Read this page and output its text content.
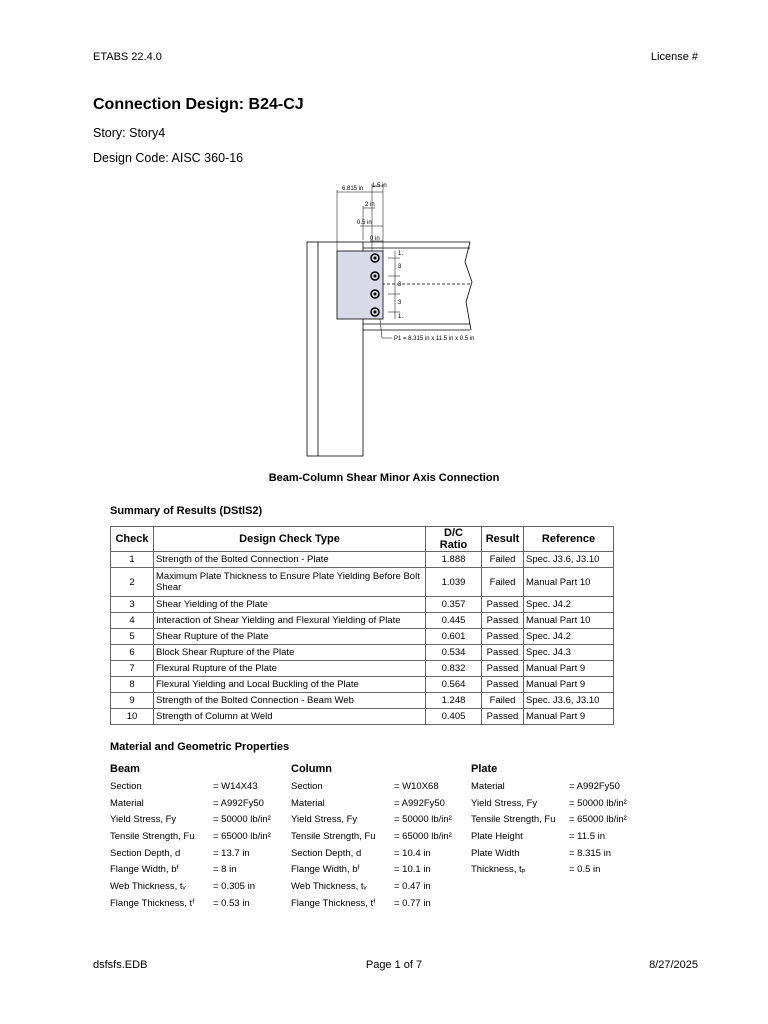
ETABS 22.4.0	License #
Connection Design: B24-CJ
Story: Story4
Design Code: AISC 360-16
6.815 in 1.5 in
2 in
0.5 in
0 in
3
3
3
1.
1.
P1 = 8.315 in x 11.5 in x 0.5 in
Beam-Column Shear Minor Axis Connection
Summary of Results (DStlS2)
Check	Design Check Type	D/C Ratio	Result	Reference
1	Strength of the Bolted Connection - Plate	1.888	Failed	Spec. J3.6, J3.10
2	Maximum Plate Thickness to Ensure Plate Yielding Before Bolt Shear	1.039	Failed	Manual Part 10
3	Shear Yielding of the Plate	0.357	Passed	Spec. J4.2
4	Interaction of Shear Yielding and Flexural Yielding of Plate	0.445	Passed	Manual Part 10
5	Shear Rupture of the Plate	0.601	Passed	Spec. J4.2
6	Block Shear Rupture of the Plate	0.534	Passed	Spec. J4.3
7	Flexural Rupture of the Plate	0.832	Passed	Manual Part 9
8	Flexural Yielding and Local Buckling of the Plate	0.564	Passed	Manual Part 9
9	Strength of the Bolted Connection - Beam Web	1.248	Failed	Spec. J3.6, J3.10
10	Strength of Column at Weld	0.405	Passed	Manual Part 9
Material and Geometric Properties
Beam
Section	= W14X43
Material	= A992Fy50
Yield Stress, Fy	= 50000 lb/in²
Tensile Strength, Fu = 65000 lb/in²
Section Depth, d	= 13.7 in
Flange Width, bᶠ	= 8 in
Web Thickness, tᵥ	= 0.305 in
Flange Thickness, tᶠ = 0.53 in
Column
Section	= W10X68
Material	= A992Fy50
Yield Stress, Fy	= 50000 lb/in²
Tensile Strength, Fu = 65000 lb/in²
Section Depth, d	= 10.4 in
Flange Width, bᶠ	= 10.1 in
Web Thickness, tᵥ	= 0.47 in
Flange Thickness, tᶠ = 0.77 in
Plate
Material	= A992Fy50
Yield Stress, Fy	= 50000 lb/in²
Tensile Strength, Fu = 65000 lb/in²
Plate Height	= 11.5 in
Plate Width	= 8.315 in
Thickness, tₚ	= 0.5 in
dsfsfs.EDB	Page 1 of 7	8/27/2025
